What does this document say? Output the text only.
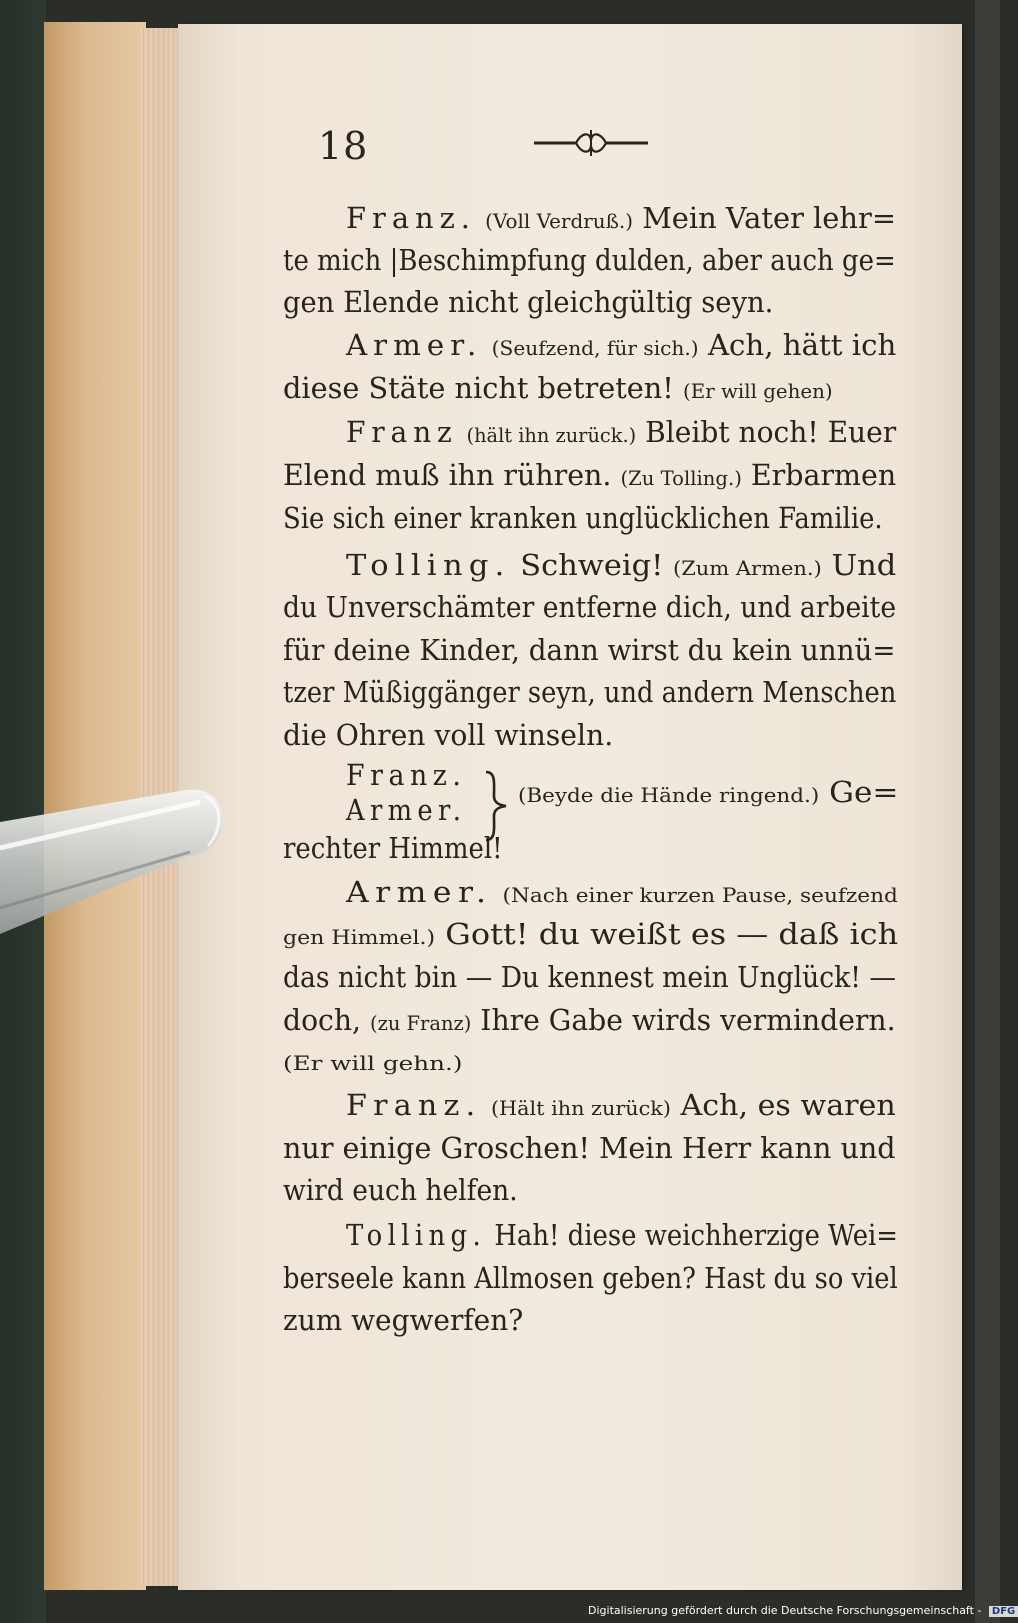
18
Franz. (Voll Verdruß.) Mein Vater lehr=
te mich |Beschimpfung dulden, aber auch ge=
gen Elende nicht gleichgültig seyn.
Armer. (Seufzend, für sich.) Ach, hätt ich
diese Stäte nicht betreten! (Er will gehen)
Franz (hält ihn zurück.) Bleibt noch! Euer
Elend muß ihn rühren. (Zu Tolling.) Erbarmen
Sie sich einer kranken unglücklichen Familie.
Tolling. Schweig! (Zum Armen.) Und
du Unverschämter entferne dich, und arbeite
für deine Kinder, dann wirst du kein unnü=
tzer Müßiggänger seyn, und andern Menschen
die Ohren voll winseln.
Franz.
Armer.	(Beyde die Hände ringend.) Ge=
rechter Himmel!
Armer. (Nach einer kurzen Pause, seufzend
gen Himmel.) Gott! du weißt es — daß ich
das nicht bin — Du kennest mein Unglück! —
doch, (zu Franz) Ihre Gabe wirds vermindern.
(Er will gehn.)
Franz. (Hält ihn zurück) Ach, es waren
nur einige Groschen! Mein Herr kann und
wird euch helfen.
Tolling. Hah! diese weichherzige Wei=
berseele kann Allmosen geben? Hast du so viel
zum wegwerfen?
Digitalisierung gefördert durch die Deutsche Forschungsgemeinschaft - DFG
